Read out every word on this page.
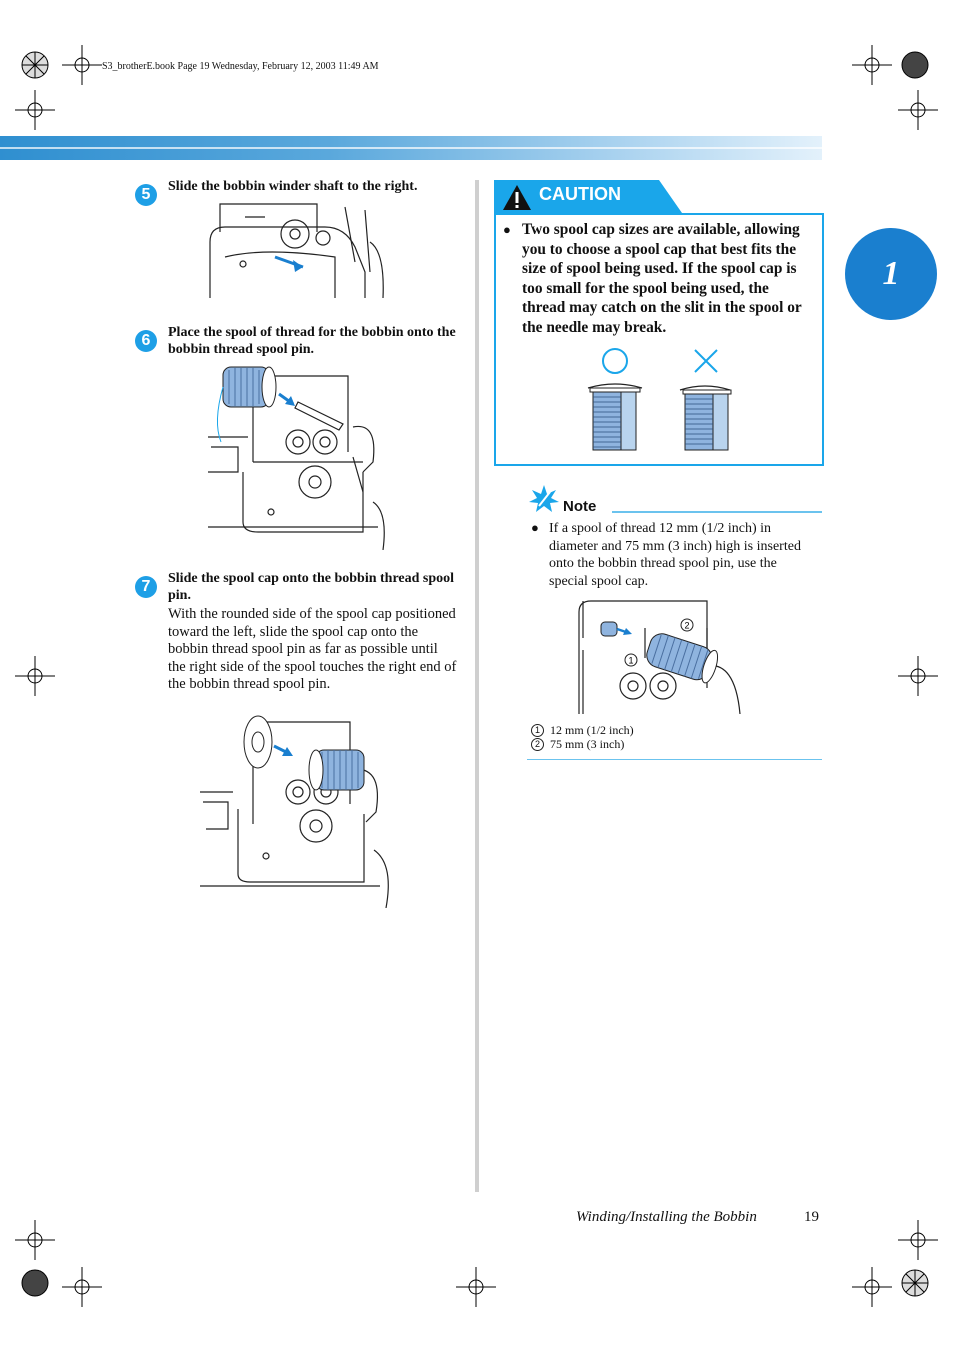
S3_brotherE.book Page 19 Wednesday, February 12, 2003 11:49 AM
1
5	Slide the bobbin winder shaft to the right.
6	Place the spool of thread for the bobbin onto the bobbin thread spool pin.
7	Slide the spool cap onto the bobbin thread spool pin.
With the rounded side of the spool cap positioned toward the left, slide the spool cap onto the bobbin thread spool pin as far as possible until the right side of the spool touches the right end of the bobbin thread spool pin.
CAUTION
● Two spool cap sizes are available, allowing you to choose a spool cap that best fits the size of spool being used. If the spool cap is too small for the spool being used, the thread may catch on the slit in the spool or the needle may break.
Note
● If a spool of thread 12 mm (1/2 inch) in diameter and 75 mm (3 inch) high is inserted onto the bobbin thread spool pin, use the special spool cap.
2
1
1 12 mm (1/2 inch)
2 75 mm (3 inch)
Winding/Installing the Bobbin	19
